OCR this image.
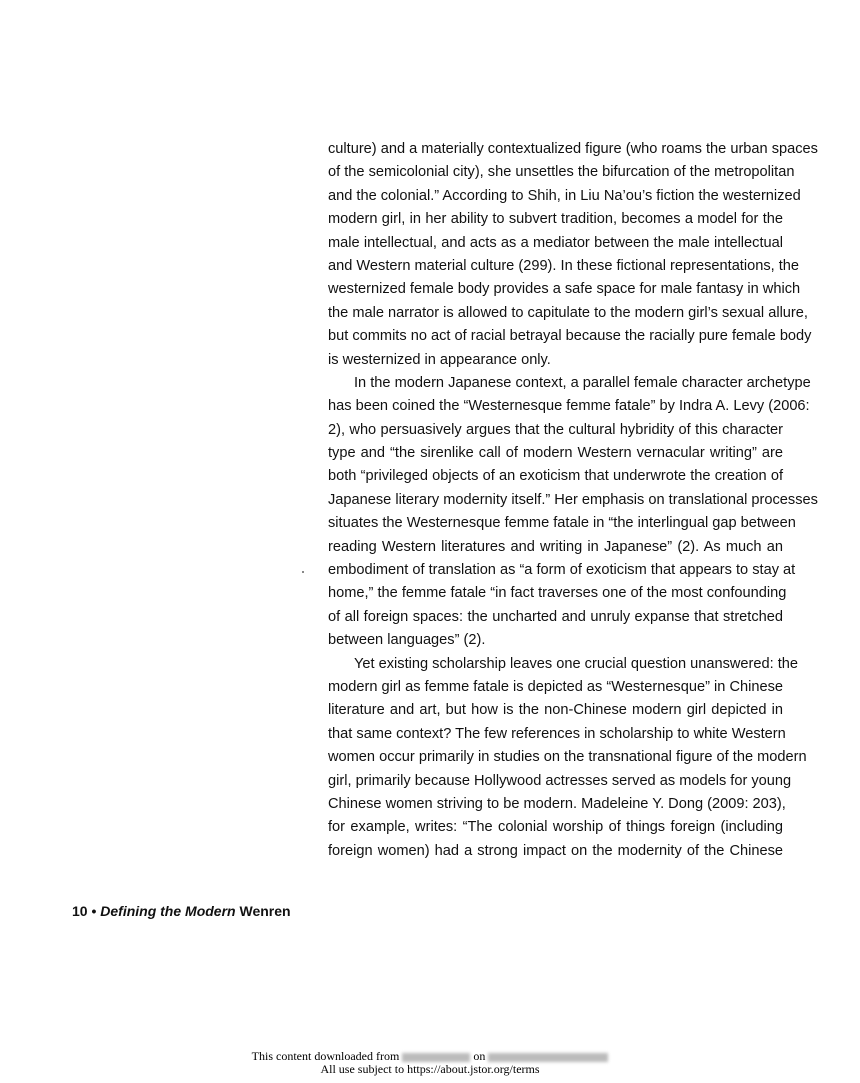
culture) and a materially contextualized figure (who roams the urban spaces
of the semicolonial city), she unsettles the bifurcation of the metropolitan
and the colonial.” According to Shih, in Liu Na’ou’s fiction the westernized
modern girl, in her ability to subvert tradition, becomes a model for the
male intellectual, and acts as a mediator between the male intellectual
and Western material culture (299). In these fictional representations, the
westernized female body provides a safe space for male fantasy in which
the male narrator is allowed to capitulate to the modern girl’s sexual allure,
but commits no act of racial betrayal because the racially pure female body
is westernized in appearance only.
In the modern Japanese context, a parallel female character archetype
has been coined the “Westernesque femme fatale” by Indra A. Levy (2006:
2), who persuasively argues that the cultural hybridity of this character
type and “the sirenlike call of modern Western vernacular writing” are
both “privileged objects of an exoticism that underwrote the creation of
Japanese literary modernity itself.” Her emphasis on translational processes
situates the Westernesque femme fatale in “the interlingual gap between
reading Western literatures and writing in Japanese” (2). As much an
embodiment of translation as “a form of exoticism that appears to stay at
home,” the femme fatale “in fact traverses one of the most confounding
of all foreign spaces: the uncharted and unruly expanse that stretched
between languages” (2).
Yet existing scholarship leaves one crucial question unanswered: the
modern girl as femme fatale is depicted as “Westernesque” in Chinese
literature and art, but how is the non-Chinese modern girl depicted in
that same context? The few references in scholarship to white Western
women occur primarily in studies on the transnational figure of the modern
girl, primarily because Hollywood actresses served as models for young
Chinese women striving to be modern. Madeleine Y. Dong (2009: 203),
for example, writes: “The colonial worship of things foreign (including
foreign women) had a strong impact on the modernity of the Chinese
10 • Defining the Modern Wenren
This content downloaded from	on
All use subject to https://about.jstor.org/terms
